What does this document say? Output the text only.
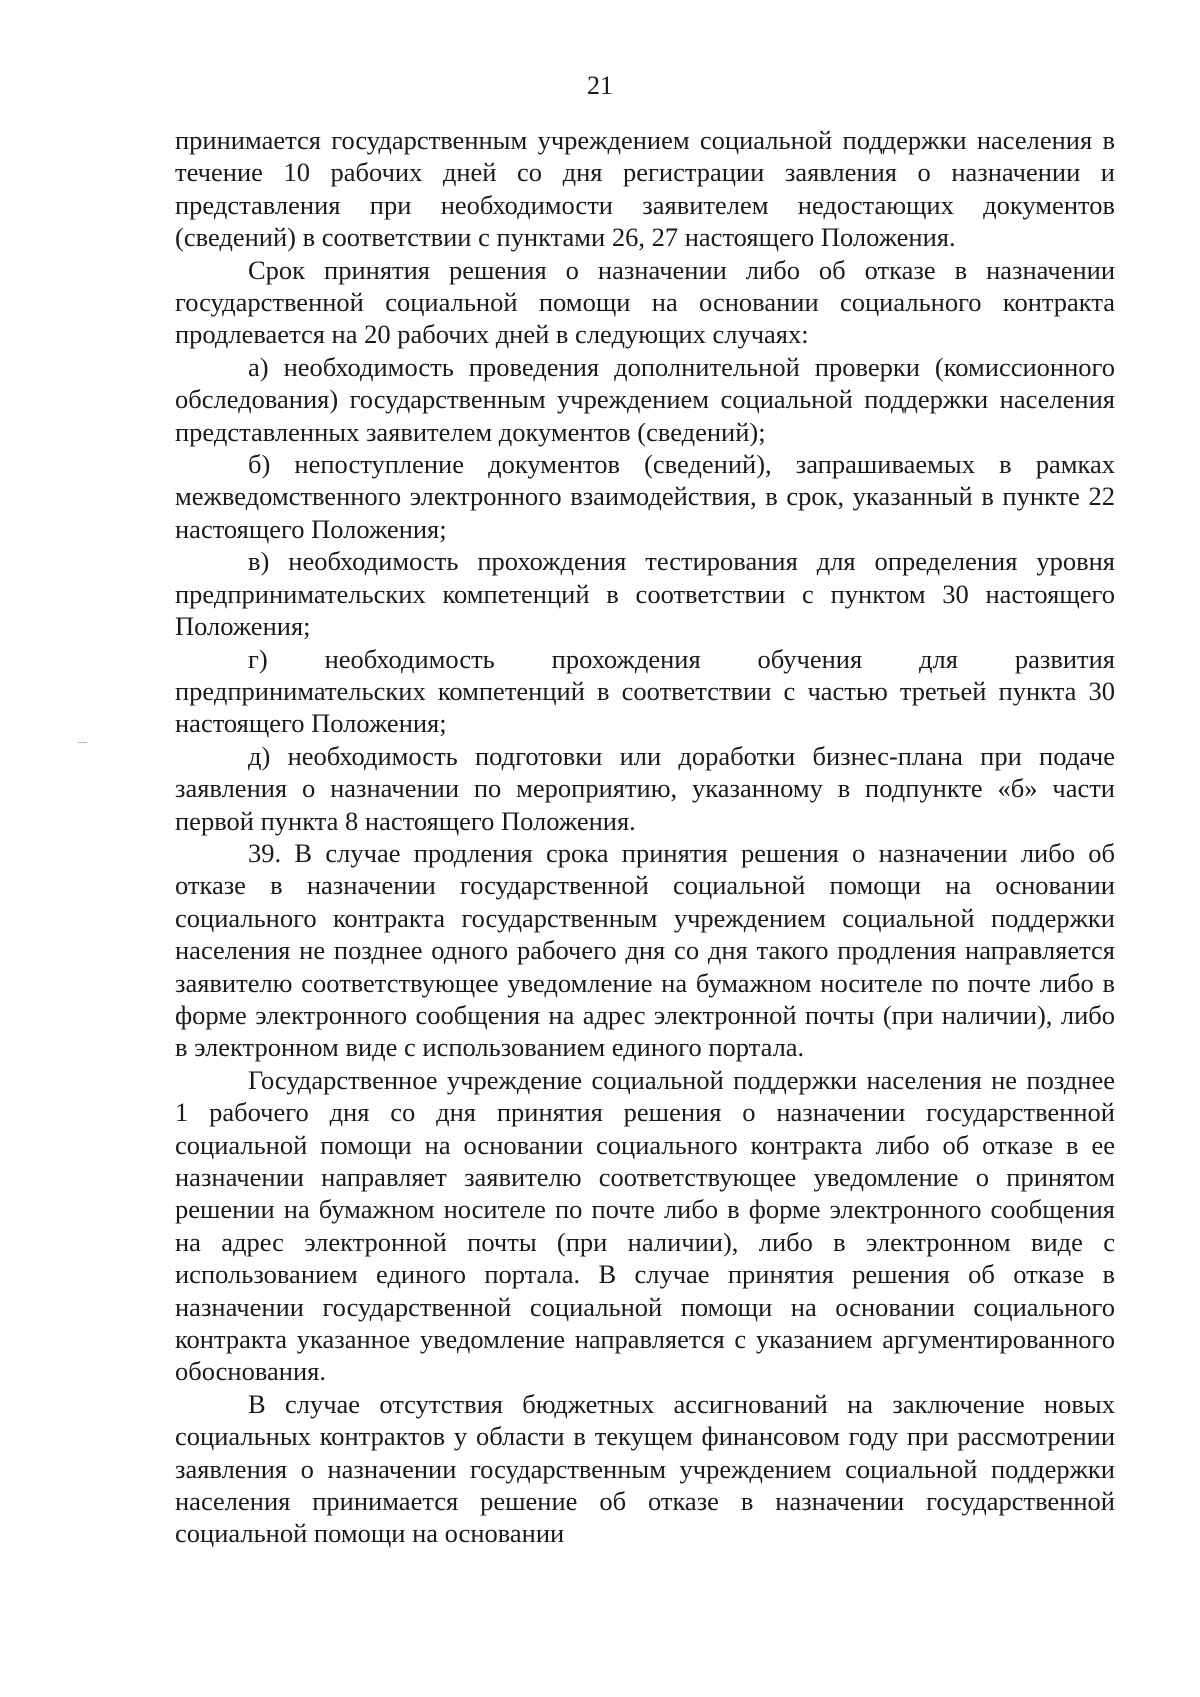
21

принимается государственным учреждением социальной поддержки населения в течение 10 рабочих дней со дня регистрации заявления о назначении и представления при необходимости заявителем недостающих документов (сведений) в соответствии с пунктами 26, 27 настоящего Положения.

Срок принятия решения о назначении либо об отказе в назначении государственной социальной помощи на основании социального контракта продлевается на 20 рабочих дней в следующих случаях:

а) необходимость проведения дополнительной проверки (комиссионного обследования) государственным учреждением социальной поддержки населения представленных заявителем документов (сведений);

б) непоступление документов (сведений), запрашиваемых в рамках межведомственного электронного взаимодействия, в срок, указанный в пункте 22 настоящего Положения;

в) необходимость прохождения тестирования для определения уровня предпринимательских компетенций в соответствии с пунктом 30 настоящего Положения;

г) необходимость прохождения обучения для развития предпринимательских компетенций в соответствии с частью третьей пункта 30 настоящего Положения;

д) необходимость подготовки или доработки бизнес-плана при подаче заявления о назначении по мероприятию, указанному в подпункте «б» части первой пункта 8 настоящего Положения.

39. В случае продления срока принятия решения о назначении либо об отказе в назначении государственной социальной помощи на основании социального контракта государственным учреждением социальной поддержки населения не позднее одного рабочего дня со дня такого продления направляется заявителю соответствующее уведомление на бумажном носителе по почте либо в форме электронного сообщения на адрес электронной почты (при наличии), либо в электронном виде с использованием единого портала.

Государственное учреждение социальной поддержки населения не позднее 1 рабочего дня со дня принятия решения о назначении государственной социальной помощи на основании социального контракта либо об отказе в ее назначении направляет заявителю соответствующее уведомление о принятом решении на бумажном носителе по почте либо в форме электронного сообщения на адрес электронной почты (при наличии), либо в электронном виде с использованием единого портала. В случае принятия решения об отказе в назначении государственной социальной помощи на основании социального контракта указанное уведомление направляется с указанием аргументированного обоснования.

В случае отсутствия бюджетных ассигнований на заключение новых социальных контрактов у области в текущем финансовом году при рассмотрении заявления о назначении государственным учреждением социальной поддержки населения принимается решение об отказе в назначении государственной социальной помощи на основании
